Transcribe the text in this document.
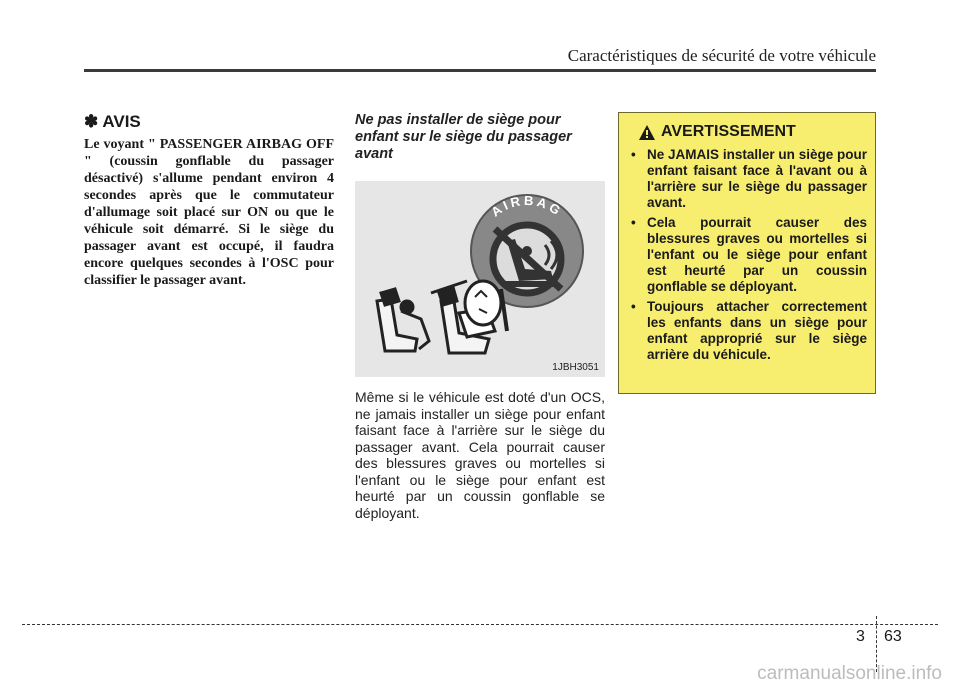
Caractéristiques de sécurité de votre véhicule
✽ AVIS

Le voyant " PASSENGER AIRBAG OFF " (coussin gonflable du passager désactivé) s'allume pendant environ 4 secondes après que le commutateur d'allumage soit placé sur ON ou que le véhicule soit démarré. Si le siège du passager avant est occupé, il faudra encore quelques secondes à l'OSC pour classifier le passager avant.

Ne pas installer de siège pour enfant sur le siège du passager avant
AIRBAG
1JBH3051

Même si le véhicule est doté d'un OCS, ne jamais installer un siège pour enfant faisant face à l'arrière sur le siège du passager avant. Cela pourrait causer des blessures graves ou mortelles si l'enfant ou le siège pour enfant est heurté par un coussin gonflable se déployant.

AVERTISSEMENT
• Ne JAMAIS installer un siège pour enfant faisant face à l'avant ou à l'arrière sur le siège du passager avant.
• Cela pourrait causer des blessures graves ou mortelles si l'enfant ou le siège pour enfant est heurté par un coussin gonflable se déployant.
• Toujours attacher correctement les enfants dans un siège pour enfant approprié sur le siège arrière du véhicule.
3 63
carmanualsonline.info
